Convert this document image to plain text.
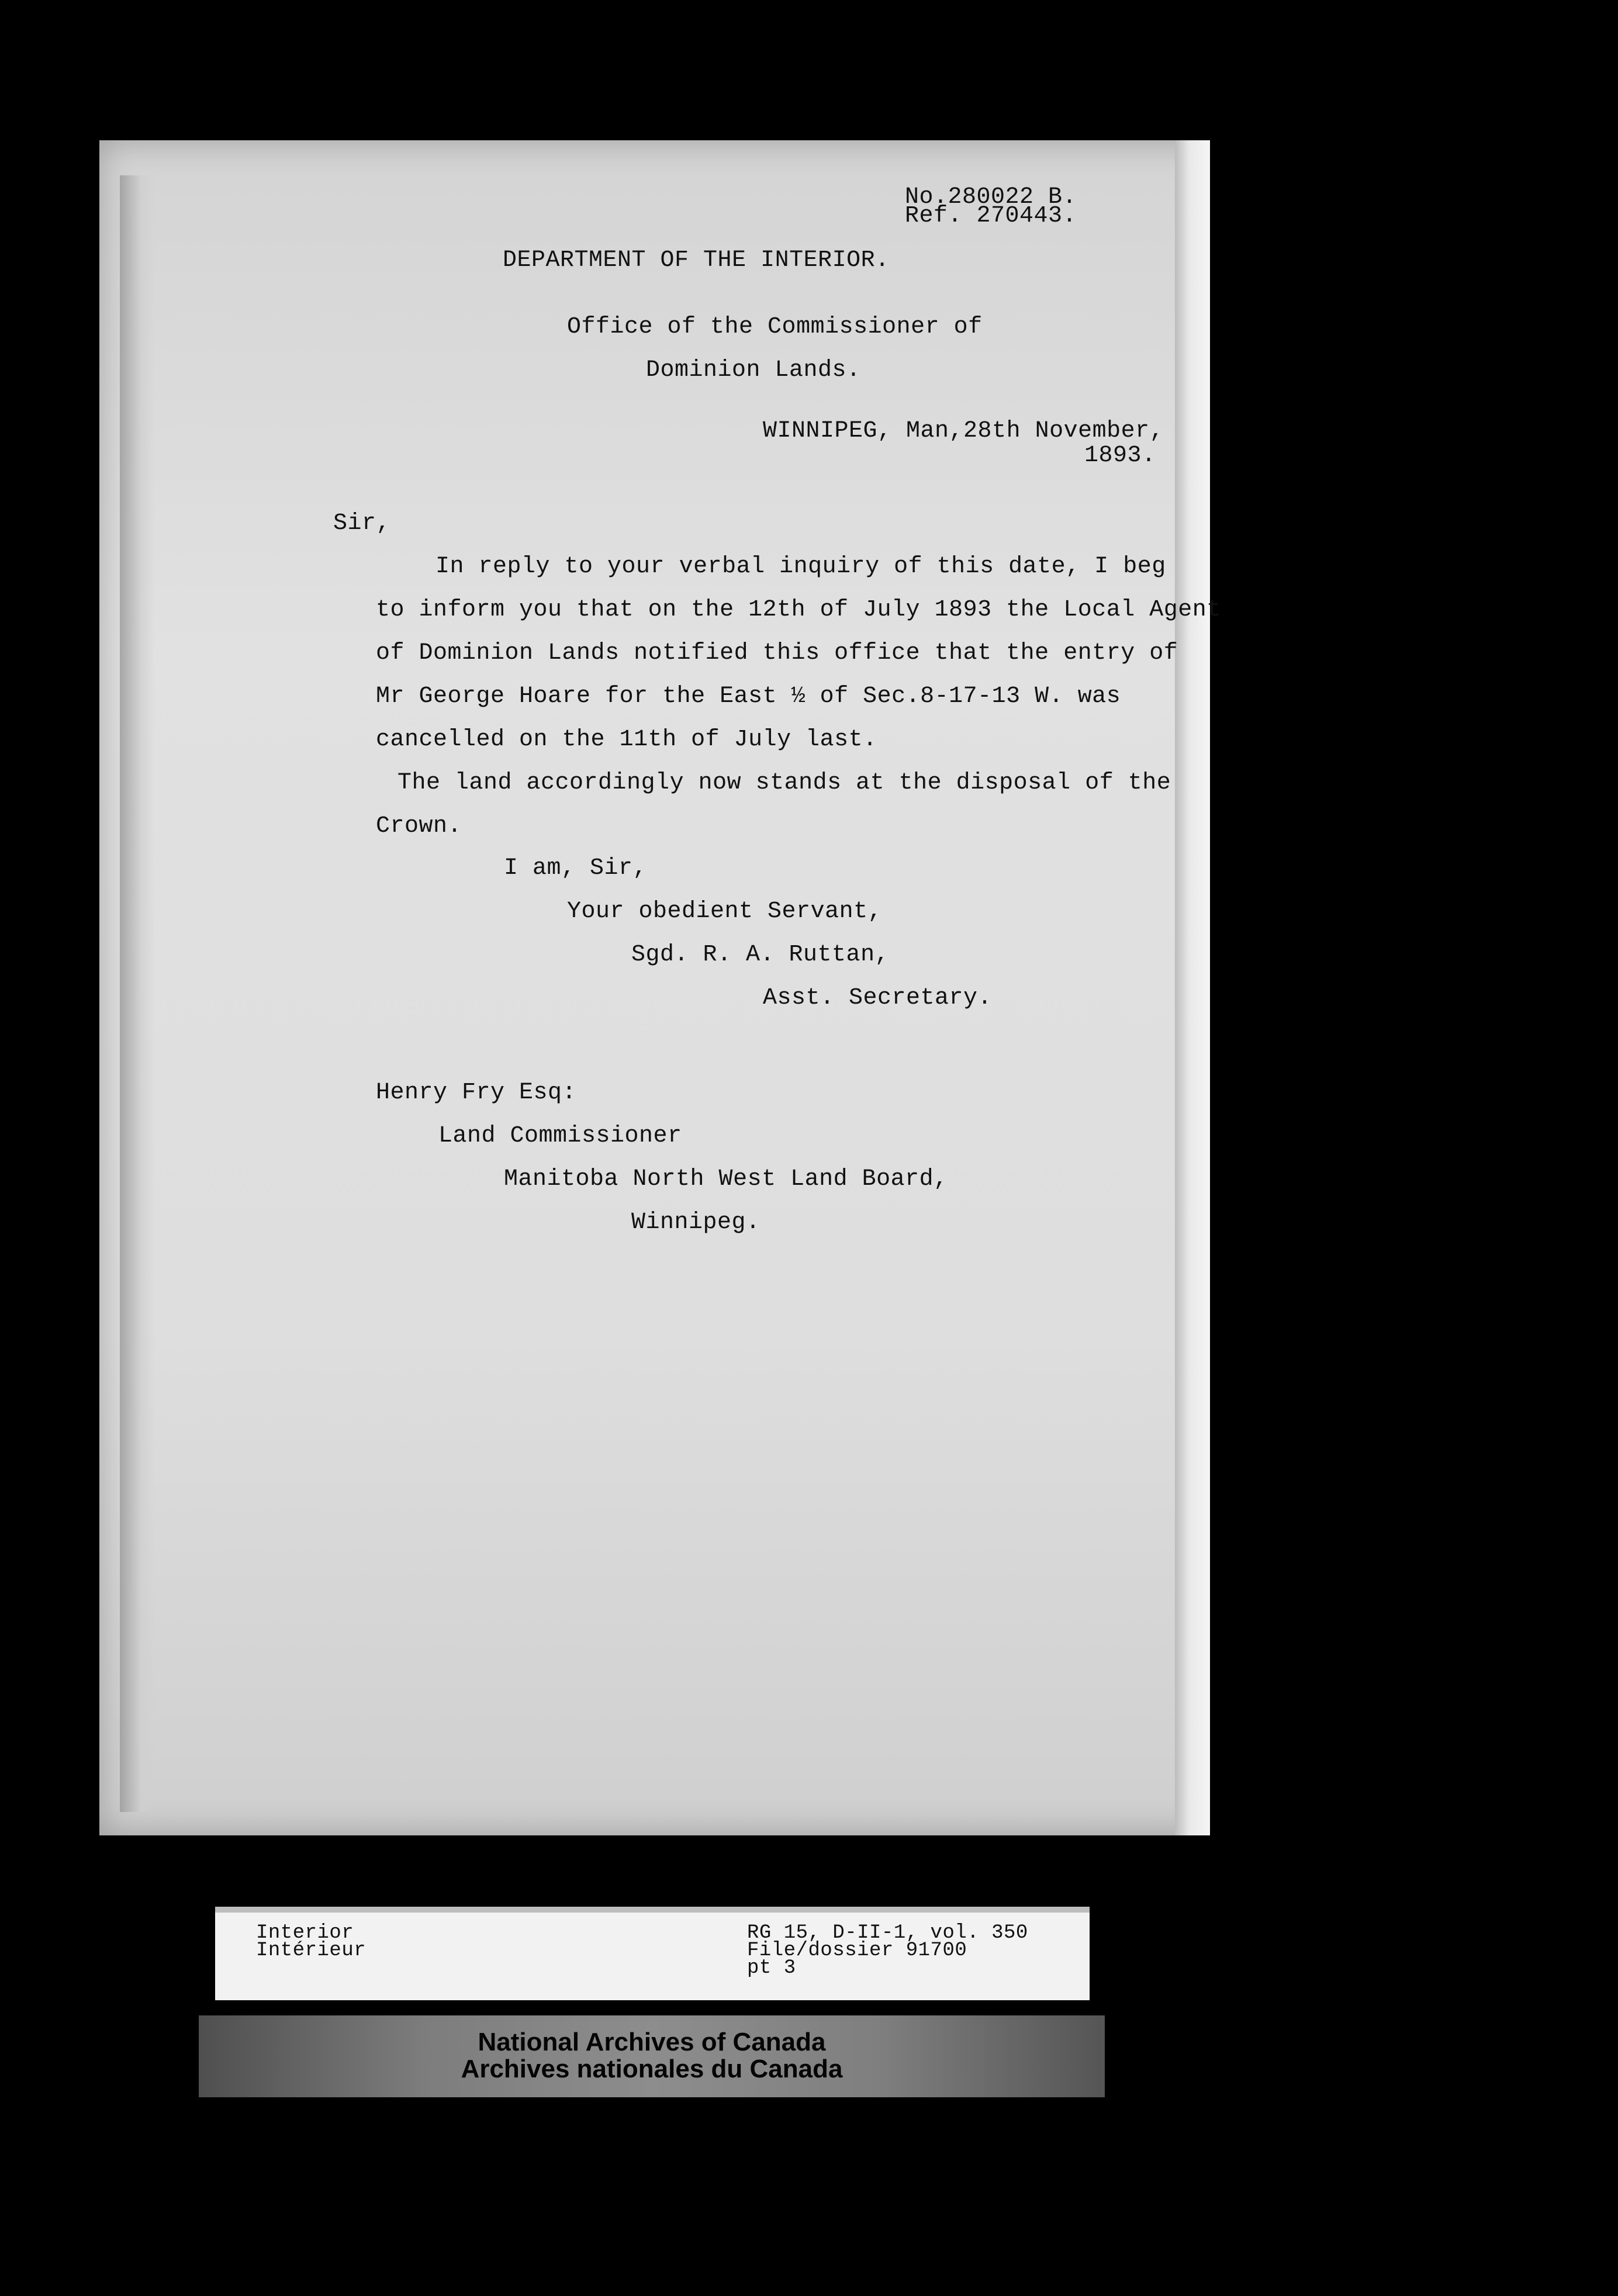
No.280022 B.
Ref. 270443.
DEPARTMENT OF THE INTERIOR.
Office of the Commissioner of
Dominion Lands.
WINNIPEG, Man,28th November,
1893.
Sir,
In reply to your verbal inquiry of this date, I beg
to inform you that on the 12th of July 1893 the Local Agent
of Dominion Lands notified this office that the entry of
Mr George Hoare for the East ½ of Sec.8-17-13 W. was
cancelled on the 11th of July last.
The land accordingly now stands at the disposal of the
Crown.
I am, Sir,
Your obedient Servant,
Sgd. R. A. Ruttan,
Asst. Secretary.
Henry Fry Esq:
Land Commissioner
Manitoba North West Land Board,
Winnipeg.
Interior
Intérieur
RG 15, D-II-1, vol. 350
File/dossier 91700
pt 3
National Archives of Canada
Archives nationales du Canada
